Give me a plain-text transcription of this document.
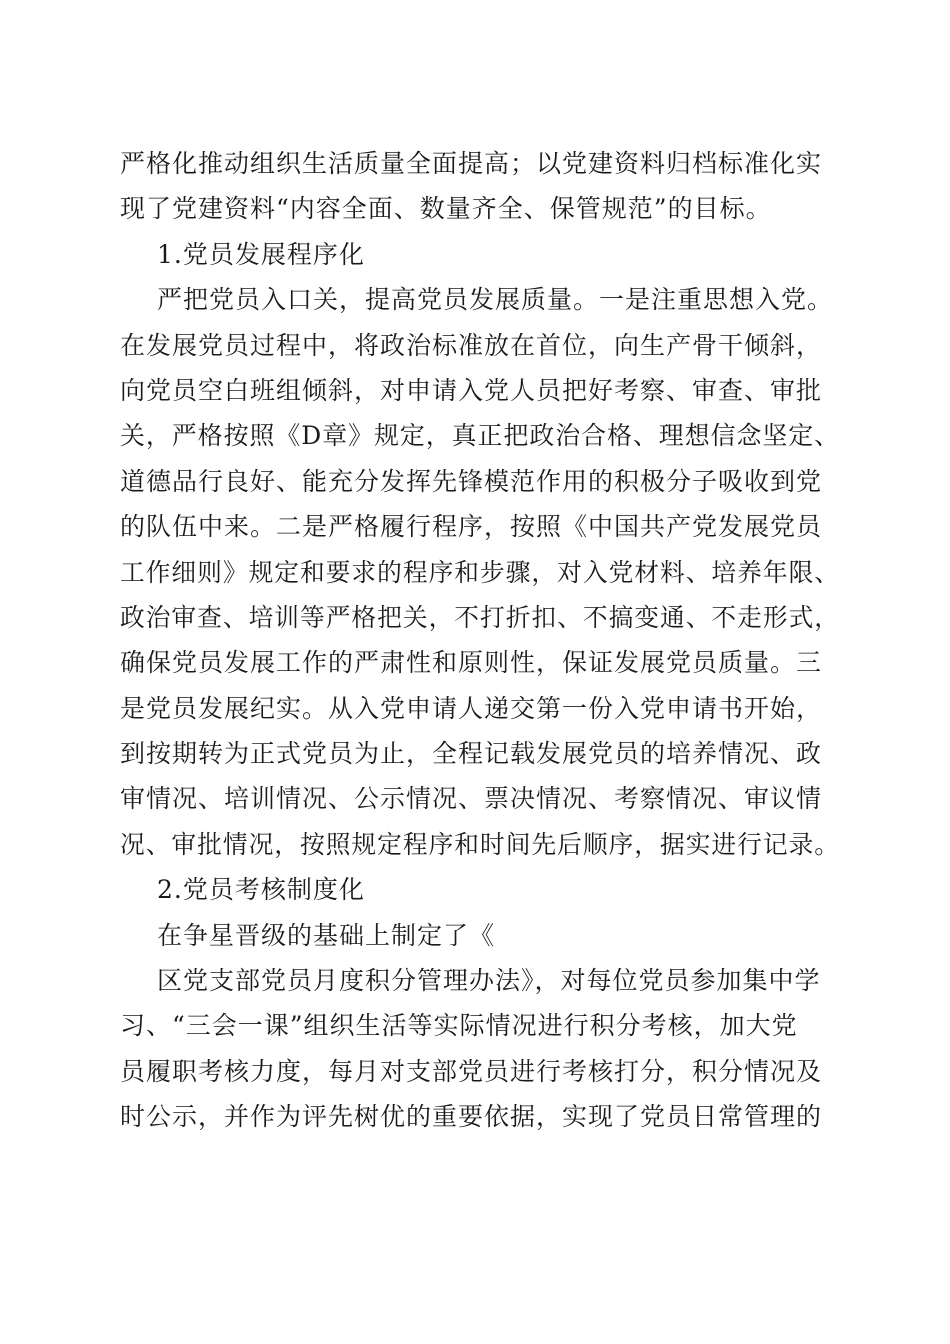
严格化推动组织生活质量全面提高；以党建资料归档标准化实
现了党建资料“内容全面、数量齐全、保管规范”的目标。
1.党员发展程序化
严把党员入口关，提高党员发展质量。一是注重思想入党。
在发展党员过程中，将政治标准放在首位，向生产骨干倾斜，
向党员空白班组倾斜，对申请入党人员把好考察、审查、审批
关，严格按照《D章》规定，真正把政治合格、理想信念坚定、
道德品行良好、能充分发挥先锋模范作用的积极分子吸收到党
的队伍中来。二是严格履行程序，按照《中国共产党发展党员
工作细则》规定和要求的程序和步骤，对入党材料、培养年限、
政治审查、培训等严格把关，不打折扣、不搞变通、不走形式，
确保党员发展工作的严肃性和原则性，保证发展党员质量。三
是党员发展纪实。从入党申请人递交第一份入党申请书开始，
到按期转为正式党员为止，全程记载发展党员的培养情况、政
审情况、培训情况、公示情况、票决情况、考察情况、审议情
况、审批情况，按照规定程序和时间先后顺序，据实进行记录。
2.党员考核制度化
在争星晋级的基础上制定了《
区党支部党员月度积分管理办法》，对每位党员参加集中学
习、“三会一课”组织生活等实际情况进行积分考核，加大党
员履职考核力度，每月对支部党员进行考核打分，积分情况及
时公示，并作为评先树优的重要依据，实现了党员日常管理的
